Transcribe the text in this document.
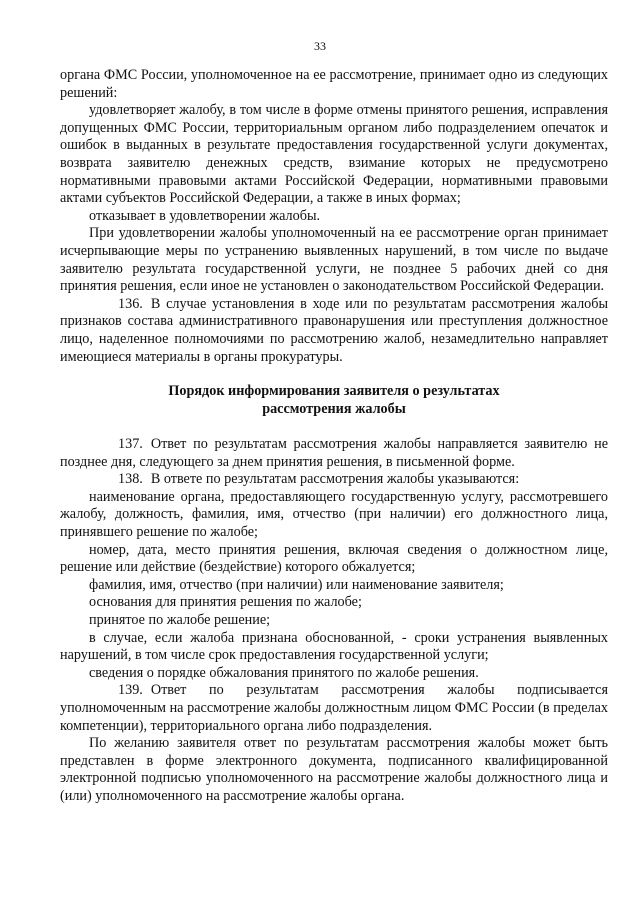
33

органа ФМС России, уполномоченное на ее рассмотрение, принимает одно из следующих решений:

удовлетворяет жалобу, в том числе в форме отмены принятого решения, исправления допущенных ФМС России, территориальным органом либо подразделением опечаток и ошибок в выданных в результате предоставления государственной услуги документах, возврата заявителю денежных средств, взимание которых не предусмотрено нормативными правовыми актами Российской Федерации, нормативными правовыми актами субъектов Российской Федерации, а также в иных формах;

отказывает в удовлетворении жалобы.

При удовлетворении жалобы уполномоченный на ее рассмотрение орган принимает исчерпывающие меры по устранению выявленных нарушений, в том числе по выдаче заявителю результата государственной услуги, не позднее 5 рабочих дней со дня принятия решения, если иное не установлен о законодательством Российской Федерации.

136. В случае установления в ходе или по результатам рассмотрения жалобы признаков состава административного правонарушения или преступления должностное лицо, наделенное полномочиями по рассмотрению жалоб, незамедлительно направляет имеющиеся материалы в органы прокуратуры.

Порядок информирования заявителя о результатах
рассмотрения жалобы

137. Ответ по результатам рассмотрения жалобы направляется заявителю не позднее дня, следующего за днем принятия решения, в письменной форме.

138. В ответе по результатам рассмотрения жалобы указываются:

наименование органа, предоставляющего государственную услугу, рассмотревшего жалобу, должность, фамилия, имя, отчество (при наличии) его должностного лица, принявшего решение по жалобе;

номер, дата, место принятия решения, включая сведения о должностном лице, решение или действие (бездействие) которого обжалуется;

фамилия, имя, отчество (при наличии) или наименование заявителя;

основания для принятия решения по жалобе;

принятое по жалобе решение;

в случае, если жалоба признана обоснованной, - сроки устранения выявленных нарушений, в том числе срок предоставления государственной услуги;

сведения о порядке обжалования принятого по жалобе решения.

139. Ответ по результатам рассмотрения жалобы подписывается уполномоченным на рассмотрение жалобы должностным лицом ФМС России (в пределах компетенции), территориального органа либо подразделения.

По желанию заявителя ответ по результатам рассмотрения жалобы может быть представлен в форме электронного документа, подписанного квалифицированной электронной подписью уполномоченного на рассмотрение жалобы должностного лица и (или) уполномоченного на рассмотрение жалобы органа.
